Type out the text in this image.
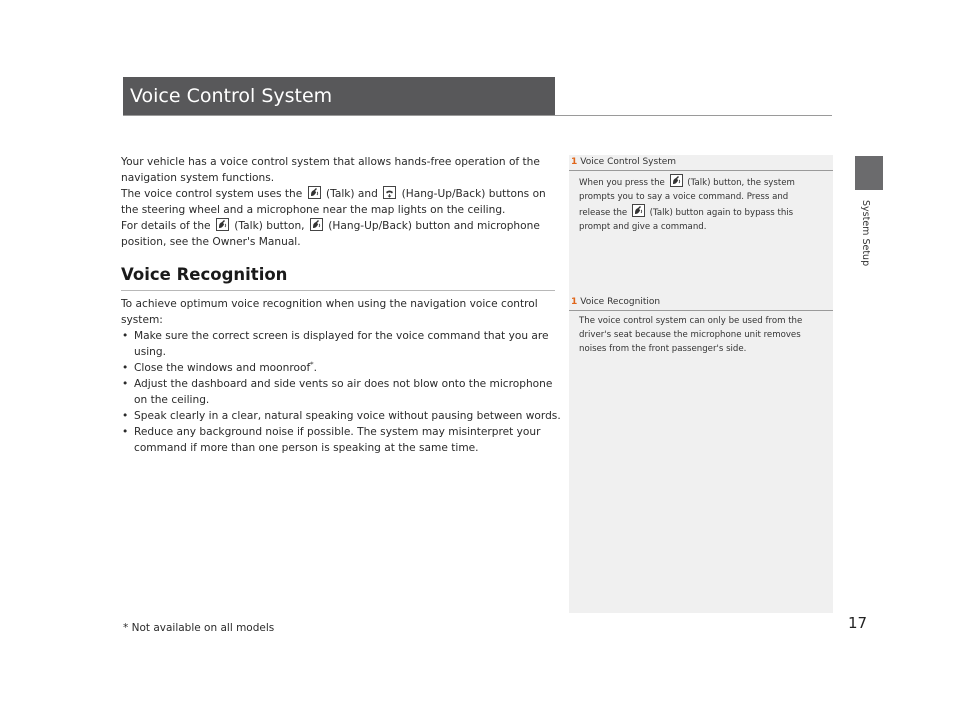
Voice Control System
System Setup

Your vehicle has a voice control system that allows hands-free operation of the navigation system functions.

The voice control system uses the (Talk) and (Hang-Up/Back) buttons on the steering wheel and a microphone near the map lights on the ceiling.

For details of the (Talk) button, (Hang-Up/Back) button and microphone position, see the Owner's Manual.

Voice Recognition

To achieve optimum voice recognition when using the navigation voice control system:

• Make sure the correct screen is displayed for the voice command that you are using.
• Close the windows and moonroof*.
• Adjust the dashboard and side vents so air does not blow onto the microphone on the ceiling.
• Speak clearly in a clear, natural speaking voice without pausing between words.
• Reduce any background noise if possible. The system may misinterpret your command if more than one person is speaking at the same time.
1 Voice Control System

When you press the	(Talk) button, the system prompts you to say a voice command. Press and release the	(Talk) button again to bypass this prompt and give a command.

1 Voice Recognition

The voice control system can only be used from the driver's seat because the microphone unit removes noises from the front passenger's side.

* Not available on all models	17
